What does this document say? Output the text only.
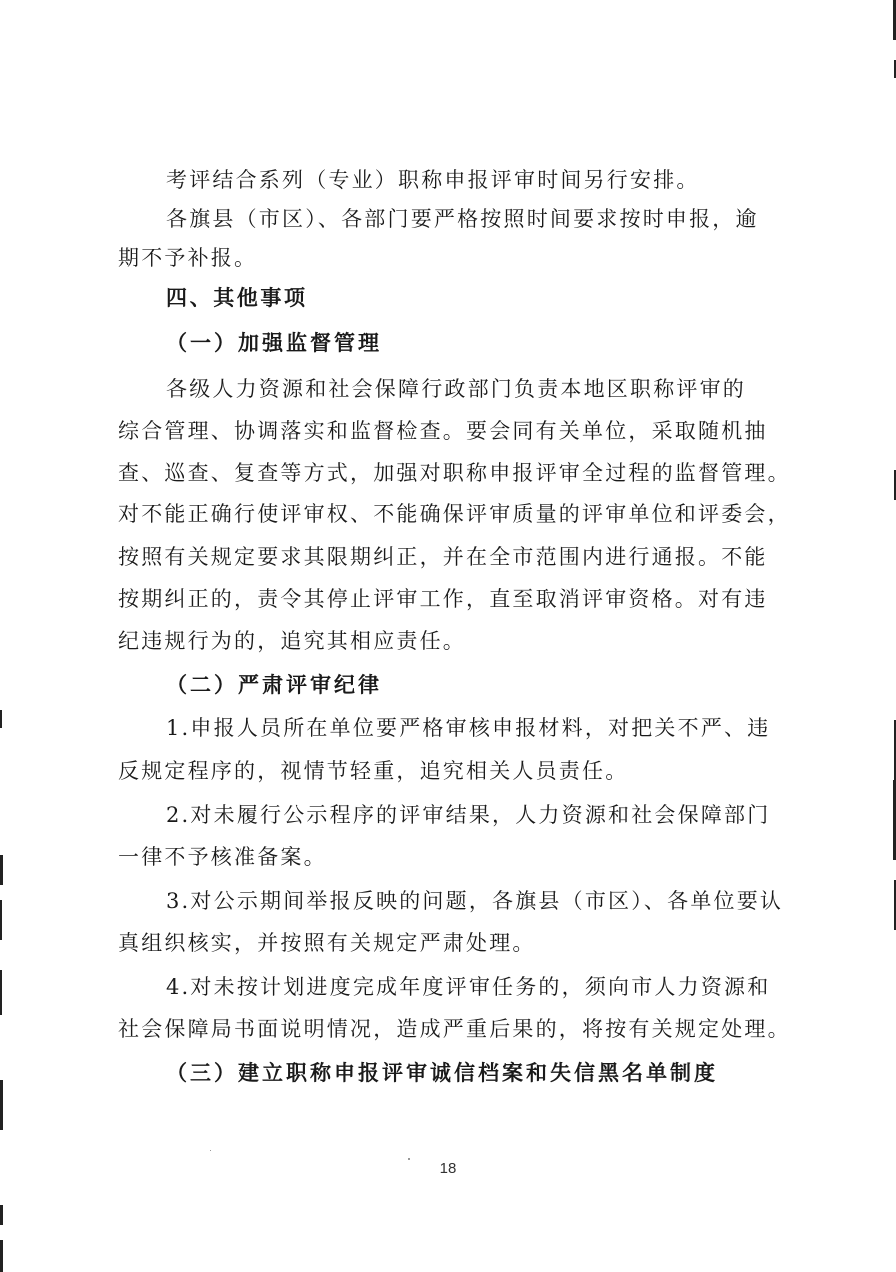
考评结合系列（专业）职称申报评审时间另行安排。
各旗县（市区）、各部门要严格按照时间要求按时申报，逾
期不予补报。
四、其他事项
（一）加强监督管理
各级人力资源和社会保障行政部门负责本地区职称评审的
综合管理、协调落实和监督检查。要会同有关单位，采取随机抽
查、巡查、复查等方式，加强对职称申报评审全过程的监督管理。
对不能正确行使评审权、不能确保评审质量的评审单位和评委会，
按照有关规定要求其限期纠正，并在全市范围内进行通报。不能
按期纠正的，责令其停止评审工作，直至取消评审资格。对有违
纪违规行为的，追究其相应责任。
（二）严肃评审纪律
1.申报人员所在单位要严格审核申报材料，对把关不严、违
反规定程序的，视情节轻重，追究相关人员责任。
2.对未履行公示程序的评审结果，人力资源和社会保障部门
一律不予核准备案。
3.对公示期间举报反映的问题，各旗县（市区）、各单位要认
真组织核实，并按照有关规定严肃处理。
4.对未按计划进度完成年度评审任务的，须向市人力资源和
社会保障局书面说明情况，造成严重后果的，将按有关规定处理。
（三）建立职称申报评审诚信档案和失信黑名单制度
18
